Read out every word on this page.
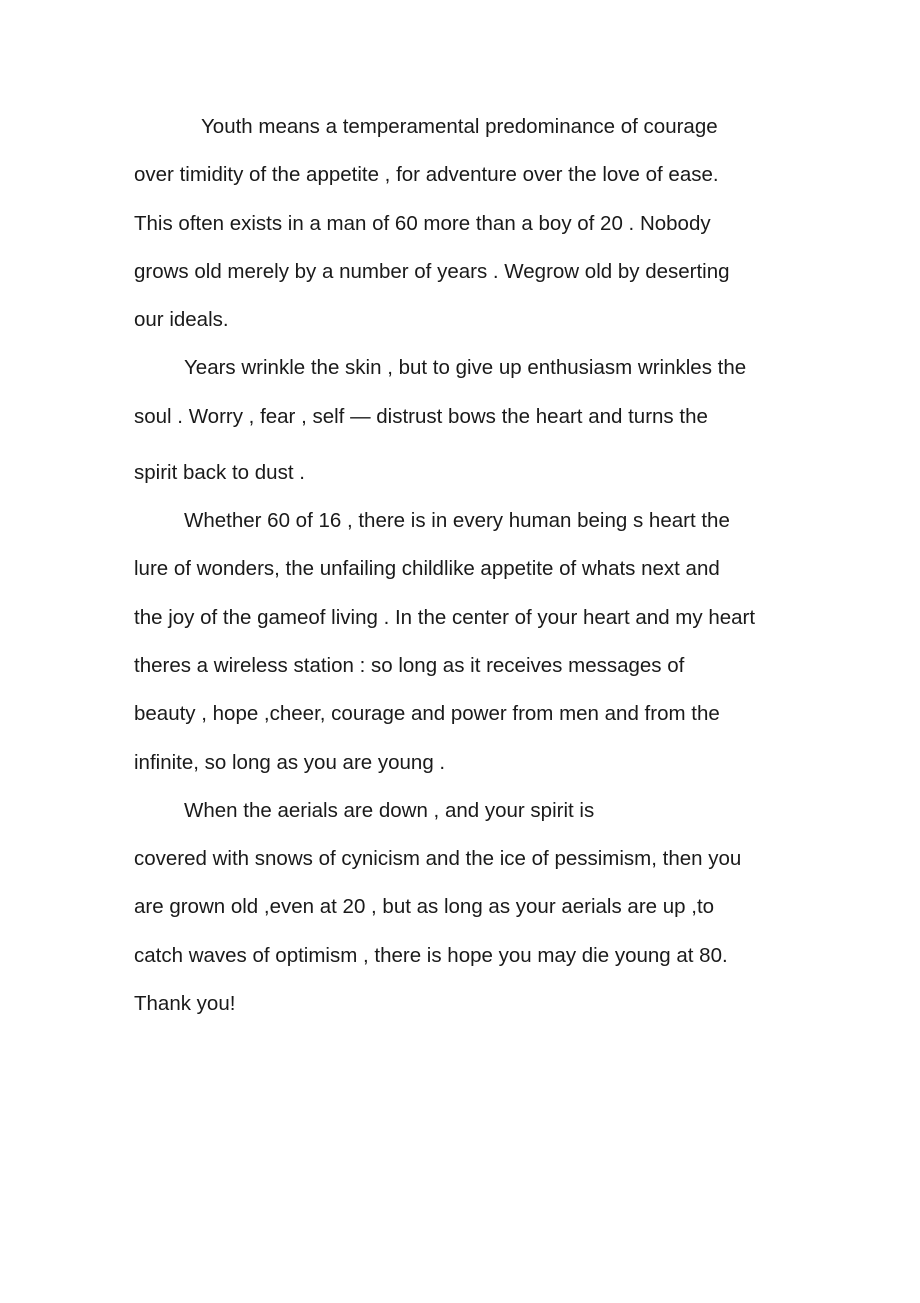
Youth means a temperamental predominance of courage
over timidity of the appetite , for adventure over the love of ease.
This often exists in a man of 60 more than a boy of 20 . Nobody
grows old merely by a number of years . Wegrow old by deserting
our ideals.
Years wrinkle the skin , but to give up enthusiasm wrinkles the
soul . Worry , fear , self — distrust bows the heart and turns the
spirit back to dust .
Whether 60 of 16 , there is in every human being s heart the
lure of wonders, the unfailing childlike appetite of whats next and
the joy of the gameof living . In the center of your heart and my heart
theres a wireless station : so long as it receives messages of
beauty , hope ,cheer, courage and power from men and from the
infinite, so long as you are young .
When the aerials are down , and your spirit is
covered with snows of cynicism and the ice of pessimism, then you
are grown old ,even at 20 , but as long as your aerials are up ,to
catch waves of optimism , there is hope you may die young at 80.
Thank you!
